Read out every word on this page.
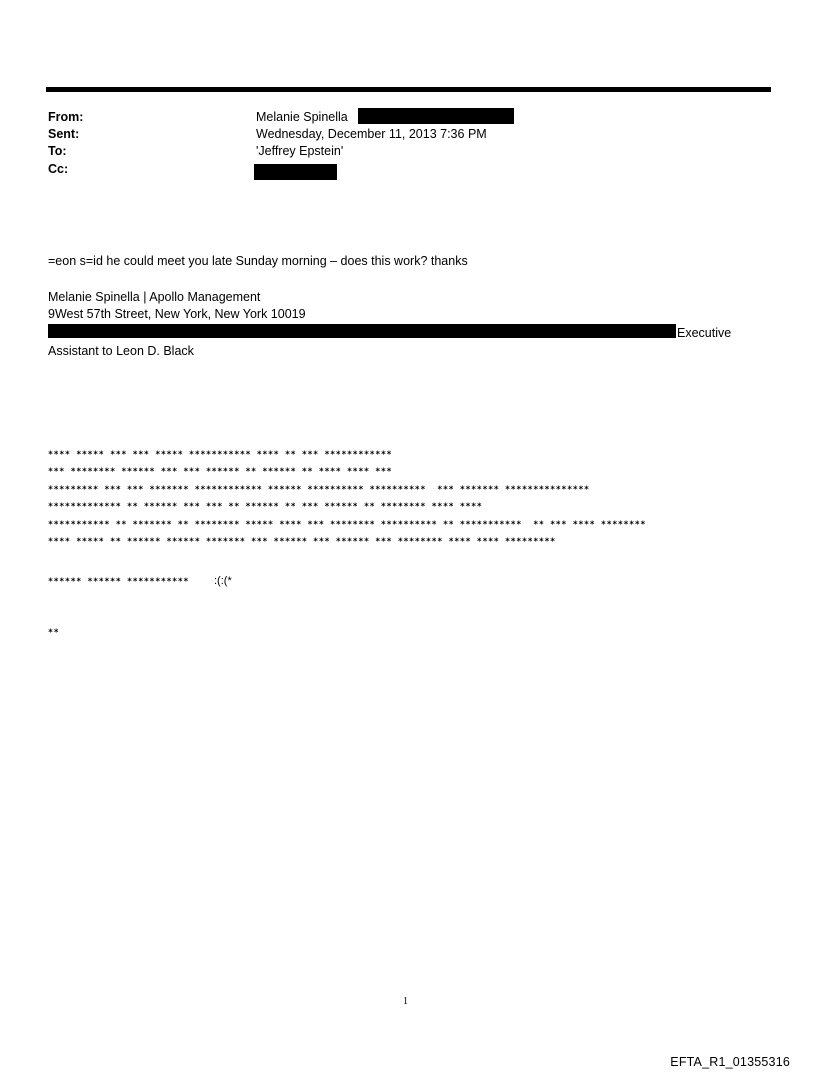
From:	Melanie Spinella
Sent:	Wednesday, December 11, 2013 7:36 PM
To:	'Jeffrey Epstein'
Cc:
=eon s=id he could meet you late Sunday morning – does this work? thanks
Melanie Spinella | Apollo Management
9West 57th Street, New York, New York 10019
Executive
Assistant to Leon D. Black
**** ***** *** *** ***** *********** **** ** *** ************
*** ******** ****** *** *** ****** ** ****** ** **** **** ***
********* *** *** ******* ************ ****** ********** **********  *** ******* ***************
************* ** ****** *** *** ** ****** ** *** ****** ** ******** **** ****
*********** ** ******* ** ******** ***** **** *** ******** ********** ** ***********  ** *** **** ********
**** ***** ** ****** ****** ******* *** ****** *** ****** *** ******** **** **** *********
****** ****** *********** :(:(*
**
1
EFTA_R1_01355316
